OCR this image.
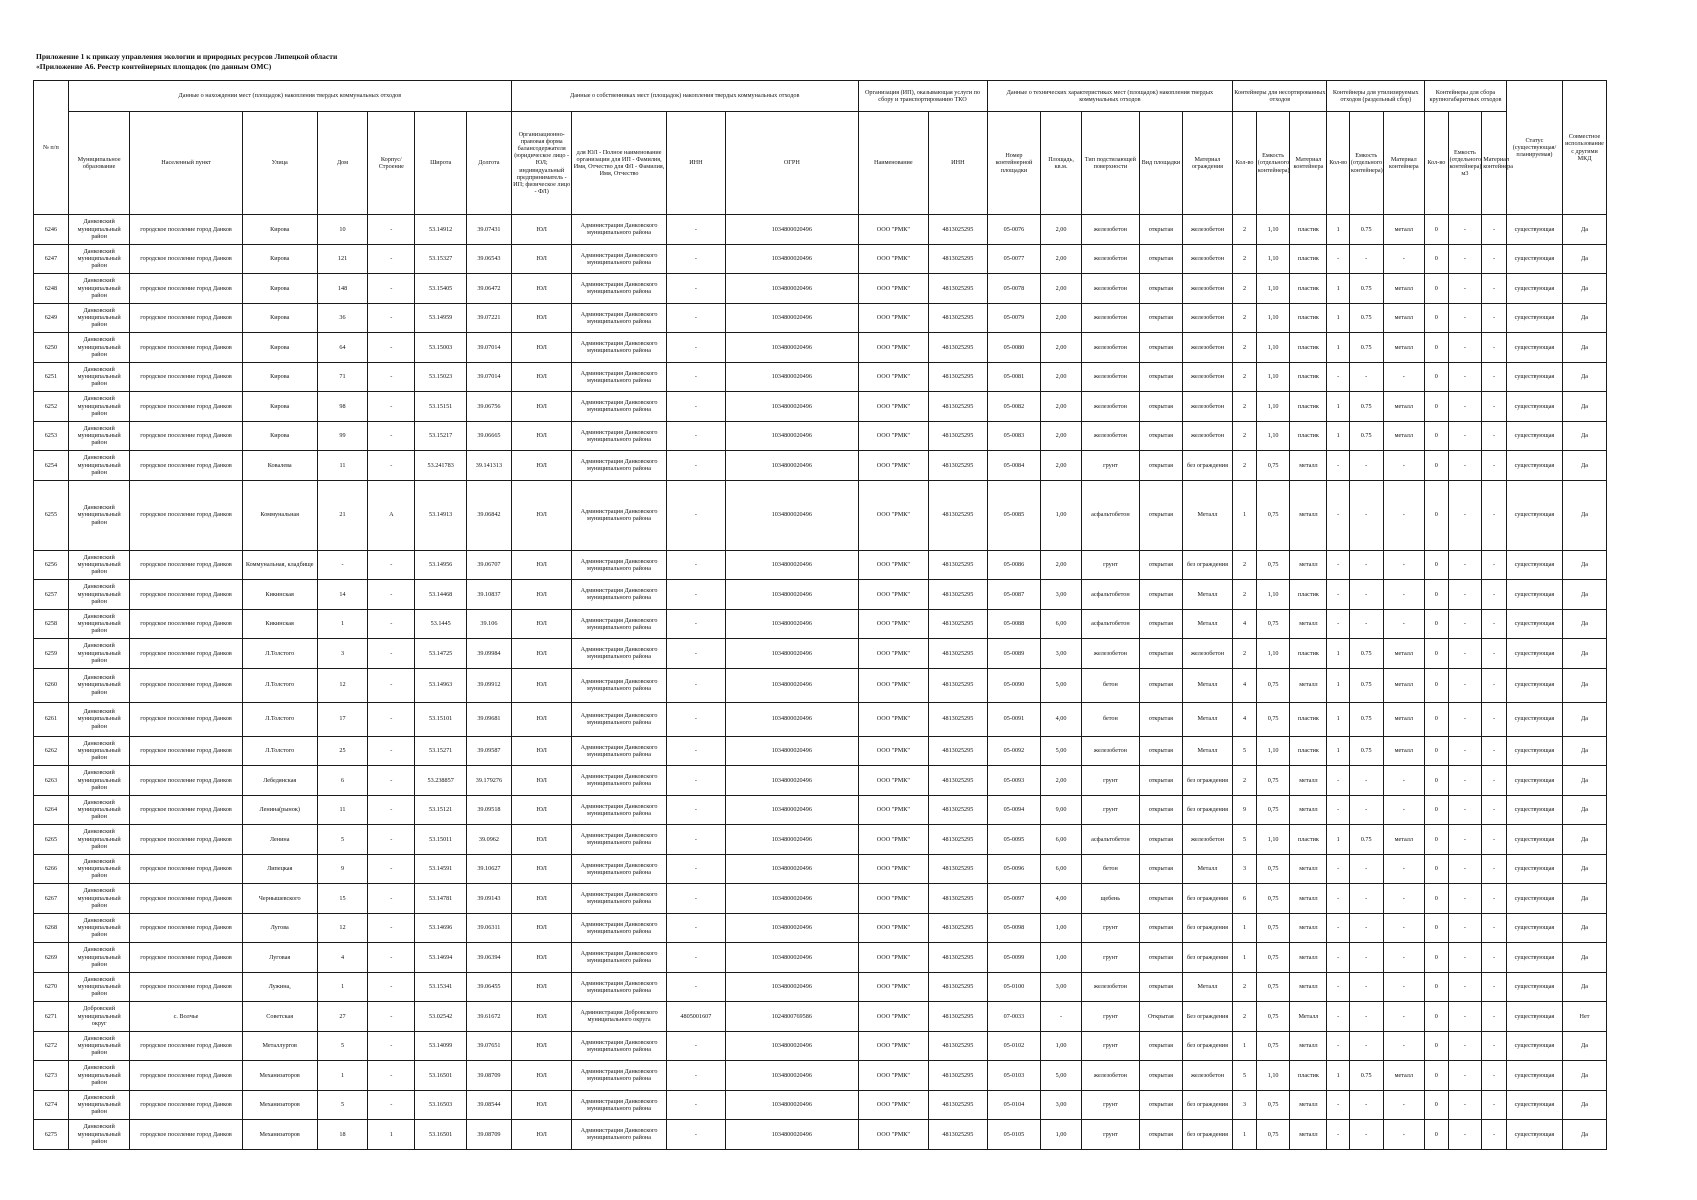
Приложение 1 к приказу управления экологии и природных ресурсов Липецкой области
«Приложение А6. Реестр контейнерных площадок (по данным ОМС)
№ п/п	Данные о нахождении мест (площадок) накопления твердых коммунальных отходов							Данные о собственниках мест (площадок) накопления твердых коммунальных отходов				Организация (ИП), оказывающая услуги по сбору и транспортированию ТКО		Данные о технических характеристиках мест (площадок) накопления твердых коммунальных отходов					Контейнеры для несортированных отходов			Контейнеры для утилизируемых отходов (раздельный сбор)			Контейнеры для сбора крупногабаритных отходов			Статус (существующая/планируемая)	Совместное использование с другими МКД
	Муниципальное образование	Населенный пункт	Улица	Дом	Корпус/Строение	Широта	Долгота	Организационно-правовая форма балансодержателя (юридическое лицо - ЮЛ; индивидуальный предприниматель - ИП; физическое лицо - ФЛ)	для ЮЛ - Полное наименование организации для ИП - Фамилия, Имя, Отчество для ФЛ - Фамилия, Имя, Отчество	ИНН	ОГРН	Наименование	ИНН	Номер контейнерной площадки	Площадь, кв.м.	Тип подстилающей поверхности	Вид площадки	Материал ограждения	Кол-во	Емкость (отдельного контейнера)	Материал контейнера	Кол-во	Емкость (отдельного контейнера)	Материал контейнера	Кол-во	Емкость (отдельного контейнера) м3	Материал контейнера		
6246	Данковский муниципальный район	городское поселение город Данков	Кирова	10	-	53.14912	39.07431	ЮЛ	Администрация Данковского муниципального района	-	1034800020496	ООО "РМК"	4813025295	05-0076	2,00	железобетон	открытая	железобетон	2	1,10	пластик	1	0.75	металл	0	-	-	существующая	Да
6247	Данковский муниципальный район	городское поселение город Данков	Кирова	121	-	53.15327	39.06543	ЮЛ	Администрация Данковского муниципального района	-	1034800020496	ООО "РМК"	4813025295	05-0077	2,00	железобетон	открытая	железобетон	2	1,10	пластик	-	-	-	0	-	-	существующая	Да
6248	Данковский муниципальный район	городское поселение город Данков	Кирова	148	-	53.15405	39.06472	ЮЛ	Администрация Данковского муниципального района	-	1034800020496	ООО "РМК"	4813025295	05-0078	2,00	железобетон	открытая	железобетон	2	1,10	пластик	1	0.75	металл	0	-	-	существующая	Да
6249	Данковский муниципальный район	городское поселение город Данков	Кирова	36	-	53.14959	39.07221	ЮЛ	Администрация Данковского муниципального района	-	1034800020496	ООО "РМК"	4813025295	05-0079	2,00	железобетон	открытая	железобетон	2	1,10	пластик	1	0.75	металл	0	-	-	существующая	Да
6250	Данковский муниципальный район	городское поселение город Данков	Кирова	64	-	53.15003	39.07014	ЮЛ	Администрация Данковского муниципального района	-	1034800020496	ООО "РМК"	4813025295	05-0080	2,00	железобетон	открытая	железобетон	2	1,10	пластик	1	0.75	металл	0	-	-	существующая	Да
6251	Данковский муниципальный район	городское поселение город Данков	Кирова	71	-	53.15023	39.07014	ЮЛ	Администрация Данковского муниципального района	-	1034800020496	ООО "РМК"	4813025295	05-0081	2,00	железобетон	открытая	железобетон	2	1,10	пластик	-	-	-	0	-	-	существующая	Да
6252	Данковский муниципальный район	городское поселение город Данков	Кирова	98	-	53.15151	39.06756	ЮЛ	Администрация Данковского муниципального района	-	1034800020496	ООО "РМК"	4813025295	05-0082	2,00	железобетон	открытая	железобетон	2	1,10	пластик	1	0.75	металл	0	-	-	существующая	Да
6253	Данковский муниципальный район	городское поселение город Данков	Кирова	99	-	53.15217	39.06665	ЮЛ	Администрация Данковского муниципального района	-	1034800020496	ООО "РМК"	4813025295	05-0083	2,00	железобетон	открытая	железобетон	2	1,10	пластик	1	0.75	металл	0	-	-	существующая	Да
6254	Данковский муниципальный район	городское поселение город Данков	Ковалева	11	-	53.241783	39.141313	ЮЛ	Администрация Данковского муниципального района	-	1034800020496	ООО "РМК"	4813025295	05-0084	2,00	грунт	открытая	без ограждения	2	0,75	металл	-	-	-	0	-	-	существующая	Да
6255	Данковский муниципальный район	городское поселение город Данков	Коммунальная	21	А	53.14913	39.06842	ЮЛ	Администрация Данковского муниципального района	-	1034800020496	ООО "РМК"	4813025295	05-0085	1,00	асфальтобетон	открытая	Металл	1	0,75	металл	-	-	-	0	-	-	существующая	Да
6256	Данковский муниципальный район	городское поселение город Данков	Коммунальная, кладбище	-	-	53.14956	39.06707	ЮЛ	Администрация Данковского муниципального района	-	1034800020496	ООО "РМК"	4813025295	05-0086	2,00	грунт	открытая	без ограждения	2	0,75	металл	-	-	-	0	-	-	существующая	Да
6257	Данковский муниципальный район	городское поселение город Данков	Кикинская	14	-	53.14468	39.10837	ЮЛ	Администрация Данковского муниципального района	-	1034800020496	ООО "РМК"	4813025295	05-0087	3,00	асфальтобетон	открытая	Металл	2	1,10	пластик	-	-	-	0	-	-	существующая	Да
6258	Данковский муниципальный район	городское поселение город Данков	Кикинская	1	-	53.1445	39.106	ЮЛ	Администрация Данковского муниципального района	-	1034800020496	ООО "РМК"	4813025295	05-0088	6,00	асфальтобетон	открытая	Металл	4	0,75	металл	-	-	-	0	-	-	существующая	Да
6259	Данковский муниципальный район	городское поселение город Данков	Л.Толстого	3	-	53.14725	39.09984	ЮЛ	Администрация Данковского муниципального района	-	1034800020496	ООО "РМК"	4813025295	05-0089	3,00	железобетон	открытая	железобетон	2	1,10	пластик	1	0.75	металл	0	-	-	существующая	Да
6260	Данковский муниципальный район	городское поселение город Данков	Л.Толстого	12	-	53.14963	39.09912	ЮЛ	Администрация Данковского муниципального района	-	1034800020496	ООО "РМК"	4813025295	05-0090	5,00	бетон	открытая	Металл	4	0,75	металл	1	0.75	металл	0	-	-	существующая	Да
6261	Данковский муниципальный район	городское поселение город Данков	Л.Толстого	17	-	53.15101	39.09681	ЮЛ	Администрация Данковского муниципального района	-	1034800020496	ООО "РМК"	4813025295	05-0091	4,00	бетон	открытая	Металл	4	0,75	пластик	1	0.75	металл	0	-	-	существующая	Да
6262	Данковский муниципальный район	городское поселение город Данков	Л.Толстого	25	-	53.15271	39.09587	ЮЛ	Администрация Данковского муниципального района	-	1034800020496	ООО "РМК"	4813025295	05-0092	5,00	железобетон	открытая	Металл	5	1,10	пластик	1	0.75	металл	0	-	-	существующая	Да
6263	Данковский муниципальный район	городское поселение город Данков	Лебедянская	6	-	53.238857	39.179276	ЮЛ	Администрация Данковского муниципального района	-	1034800020496	ООО "РМК"	4813025295	05-0093	2,00	грунт	открытая	без ограждения	2	0,75	металл	-	-	-	0	-	-	существующая	Да
6264	Данковский муниципальный район	городское поселение город Данков	Ленина(рынок)	11	-	53.15121	39.09518	ЮЛ	Администрация Данковского муниципального района	-	1034800020496	ООО "РМК"	4813025295	05-0094	9,00	грунт	открытая	без ограждения	9	0,75	металл	-	-	-	0	-	-	существующая	Да
6265	Данковский муниципальный район	городское поселение город Данков	Ленина	5	-	53.15011	39.0962	ЮЛ	Администрация Данковского муниципального района	-	1034800020496	ООО "РМК"	4813025295	05-0095	6,00	асфальтобетон	открытая	железобетон	5	1,10	пластик	1	0.75	металл	0	-	-	существующая	Да
6266	Данковский муниципальный район	городское поселение город Данков	Липецкая	9	-	53.14591	39.10627	ЮЛ	Администрация Данковского муниципального района	-	1034800020496	ООО "РМК"	4813025295	05-0096	6,00	бетон	открытая	Металл	3	0,75	металл	-	-	-	0	-	-	существующая	Да
6267	Данковский муниципальный район	городское поселение город Данков	Чернышевского	15	-	53.14781	39.09143	ЮЛ	Администрация Данковского муниципального района	-	1034800020496	ООО "РМК"	4813025295	05-0097	4,00	щебень	открытая	без ограждения	6	0,75	металл	-	-	-	0	-	-	существующая	Да
6268	Данковский муниципальный район	городское поселение город Данков	Лугова	12	-	53.14696	39.06311	ЮЛ	Администрация Данковского муниципального района	-	1034800020496	ООО "РМК"	4813025295	05-0098	1,00	грунт	открытая	без ограждения	1	0,75	металл	-	-	-	0	-	-	существующая	Да
6269	Данковский муниципальный район	городское поселение город Данков	Луговая	4	-	53.14694	39.06394	ЮЛ	Администрация Данковского муниципального района	-	1034800020496	ООО "РМК"	4813025295	05-0099	1,00	грунт	открытая	без ограждения	1	0,75	металл	-	-	-	0	-	-	существующая	Да
6270	Данковский муниципальный район	городское поселение город Данков	Лужина,	1	-	53.15341	39.06455	ЮЛ	Администрация Данковского муниципального района	-	1034800020496	ООО "РМК"	4813025295	05-0100	3,00	железобетон	открытая	Металл	2	0,75	металл	-	-	-	0	-	-	существующая	Да
6271	Добровский муниципальный округ	с. Волчье	Советская	27	-	53.02542	39.61672	ЮЛ	Администрация Добровского муниципального округа	4805001607	1024800769586	ООО "РМК"	4813025295	07-0033	-	грунт	Открытая	Без ограждения	2	0,75	Металл	-	-	-	0	-	-	существующая	Нет
6272	Данковский муниципальный район	городское поселение город Данков	Металлургов	5	-	53.14099	39.07651	ЮЛ	Администрация Данковского муниципального района	-	1034800020496	ООО "РМК"	4813025295	05-0102	1,00	грунт	открытая	без ограждения	1	0,75	металл	-	-	-	0	-	-	существующая	Да
6273	Данковский муниципальный район	городское поселение город Данков	Механизаторов	1	-	53.16501	39.08709	ЮЛ	Администрация Данковского муниципального района	-	1034800020496	ООО "РМК"	4813025295	05-0103	5,00	железобетон	открытая	железобетон	5	1,10	пластик	1	0.75	металл	0	-	-	существующая	Да
6274	Данковский муниципальный район	городское поселение город Данков	Механизаторов	5	-	53.16503	39.08544	ЮЛ	Администрация Данковского муниципального района	-	1034800020496	ООО "РМК"	4813025295	05-0104	3,00	грунт	открытая	без ограждения	3	0,75	металл	-	-	-	0	-	-	существующая	Да
6275	Данковский муниципальный район	городское поселение город Данков	Механизаторов	18	1	53.16501	39.08709	ЮЛ	Администрация Данковского муниципального района	-	1034800020496	ООО "РМК"	4813025295	05-0105	1,00	грунт	открытая	без ограждения	1	0,75	металл	-	-	-	0	-	-	существующая	Да
